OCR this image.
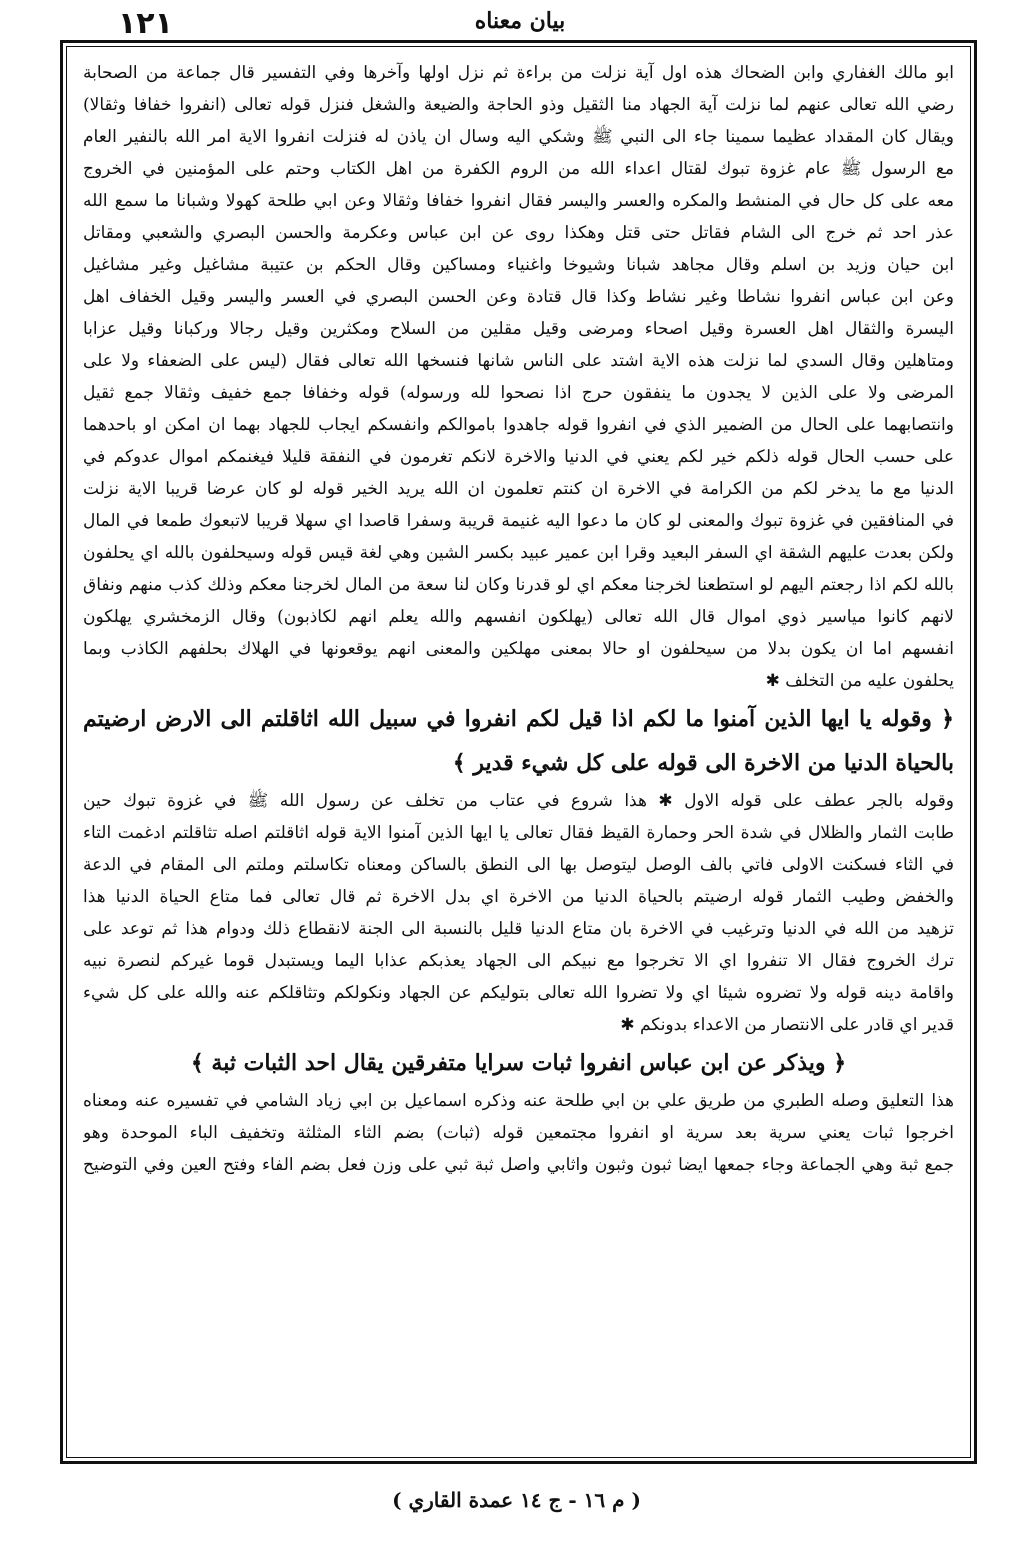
١٢١	بيان معناه
ابو مالك الغفاري وابن الضحاك هذه اول آية نزلت من براءة ثم نزل اولها وآخرها وفي التفسير قال جماعة من الصحابة
رضي الله تعالى عنهم لما نزلت آية الجهاد منا الثقيل وذو الحاجة والضيعة والشغل فنزل قوله تعالى (انفروا خفافا وثقالا)
ويقال كان المقداد عظيما سمينا جاء الى النبي ﷺ وشكي اليه وسال ان ياذن له فنزلت انفروا الاية امر الله بالنفير العام
مع الرسول ﷺ عام غزوة تبوك لقتال اعداء الله من الروم الكفرة من اهل الكتاب وحتم على المؤمنين في الخروج
معه على كل حال في المنشط والمكره والعسر واليسر فقال انفروا خفافا وثقالا وعن ابي طلحة كهولا وشبانا ما سمع الله
عذر احد ثم خرج الى الشام فقاتل حتى قتل وهكذا روى عن ابن عباس وعكرمة والحسن البصري والشعبي ومقاتل
ابن حيان وزيد بن اسلم وقال مجاهد شبانا وشيوخا واغنياء ومساكين وقال الحكم بن عتيبة مشاغيل وغير مشاغيل
وعن ابن عباس انفروا نشاطا وغير نشاط وكذا قال قتادة وعن الحسن البصري في العسر واليسر وقيل الخفاف اهل
اليسرة والثقال اهل العسرة وقيل اصحاء ومرضى وقيل مقلين من السلاح ومكثرين وقيل رجالا وركبانا وقيل عزابا
ومتاهلين وقال السدي لما نزلت هذه الاية اشتد على الناس شانها فنسخها الله تعالى فقال (ليس على الضعفاء ولا على
المرضى ولا على الذين لا يجدون ما ينفقون حرج اذا نصحوا لله ورسوله) قوله وخفافا جمع خفيف وثقالا جمع ثقيل
وانتصابهما على الحال من الضمير الذي في انفروا قوله جاهدوا باموالكم وانفسكم ايجاب للجهاد بهما ان امكن او باحدهما
على حسب الحال قوله ذلكم خير لكم يعني في الدنيا والاخرة لانكم تغرمون في النفقة قليلا فيغنمكم اموال عدوكم في
الدنيا مع ما يدخر لكم من الكرامة في الاخرة ان كنتم تعلمون ان الله يريد الخير قوله لو كان عرضا قريبا الاية نزلت
في المنافقين في غزوة تبوك والمعنى لو كان ما دعوا اليه غنيمة قريبة وسفرا قاصدا اي سهلا قريبا لاتبعوك طمعا في المال
ولكن بعدت عليهم الشقة اي السفر البعيد وقرا ابن عمير عبيد بكسر الشين وهي لغة قيس قوله وسيحلفون بالله اي يحلفون
بالله لكم اذا رجعتم اليهم لو استطعنا لخرجنا معكم اي لو قدرنا وكان لنا سعة من المال لخرجنا معكم وذلك كذب منهم ونفاق
لانهم كانوا مياسير ذوي اموال قال الله تعالى (يهلكون انفسهم والله يعلم انهم لكاذبون) وقال الزمخشري يهلكون
انفسهم اما ان يكون بدلا من سيحلفون او حالا بمعنى مهلكين والمعنى انهم يوقعونها في الهلاك بحلفهم الكاذب وبما
يحلفون عليه من التخلف ✱
﴿ وقوله يا ايها الذين آمنوا ما لكم اذا قيل لكم انفروا في سبيل الله اثاقلتم الى الارض ارضيتم
بالحياة الدنيا من الاخرة الى قوله على كل شيء قدير ﴾
وقوله بالجر عطف على قوله الاول ✱ هذا شروع في عتاب من تخلف عن رسول الله ﷺ في غزوة تبوك حين
طابت الثمار والظلال في شدة الحر وحمارة القيظ فقال تعالى يا ايها الذين آمنوا الاية قوله اثاقلتم اصله تثاقلتم ادغمت التاء
في الثاء فسكنت الاولى فاتي بالف الوصل ليتوصل بها الى النطق بالساكن ومعناه تكاسلتم وملتم الى المقام في الدعة
والخفض وطيب الثمار قوله ارضيتم بالحياة الدنيا من الاخرة اي بدل الاخرة ثم قال تعالى فما متاع الحياة الدنيا هذا
تزهيد من الله في الدنيا وترغيب في الاخرة بان متاع الدنيا قليل بالنسبة الى الجنة لانقطاع ذلك ودوام هذا ثم توعد على
ترك الخروج فقال الا تنفروا اي الا تخرجوا مع نبيكم الى الجهاد يعذبكم عذابا اليما ويستبدل قوما غيركم لنصرة نبيه
واقامة دينه قوله ولا تضروه شيئا اي ولا تضروا الله تعالى بتوليكم عن الجهاد ونكولكم وتثاقلكم عنه والله على كل شيء
قدير اي قادر على الانتصار من الاعداء بدونكم ✱
﴿ ويذكر عن ابن عباس انفروا ثبات سرايا متفرقين يقال احد الثبات ثبة ﴾
هذا التعليق وصله الطبري من طريق علي بن ابي طلحة عنه وذكره اسماعيل بن ابي زياد الشامي في تفسيره عنه ومعناه
اخرجوا ثبات يعني سرية بعد سرية او انفروا مجتمعين قوله (ثبات) بضم الثاء المثلثة وتخفيف الباء الموحدة وهو
جمع ثبة وهي الجماعة وجاء جمعها ايضا ثبون وثبون واثابي واصل ثبة ثبي على وزن فعل بضم الفاء وفتح العين وفي التوضيح
( م ١٦ - ج ١٤ عمدة القاري )
